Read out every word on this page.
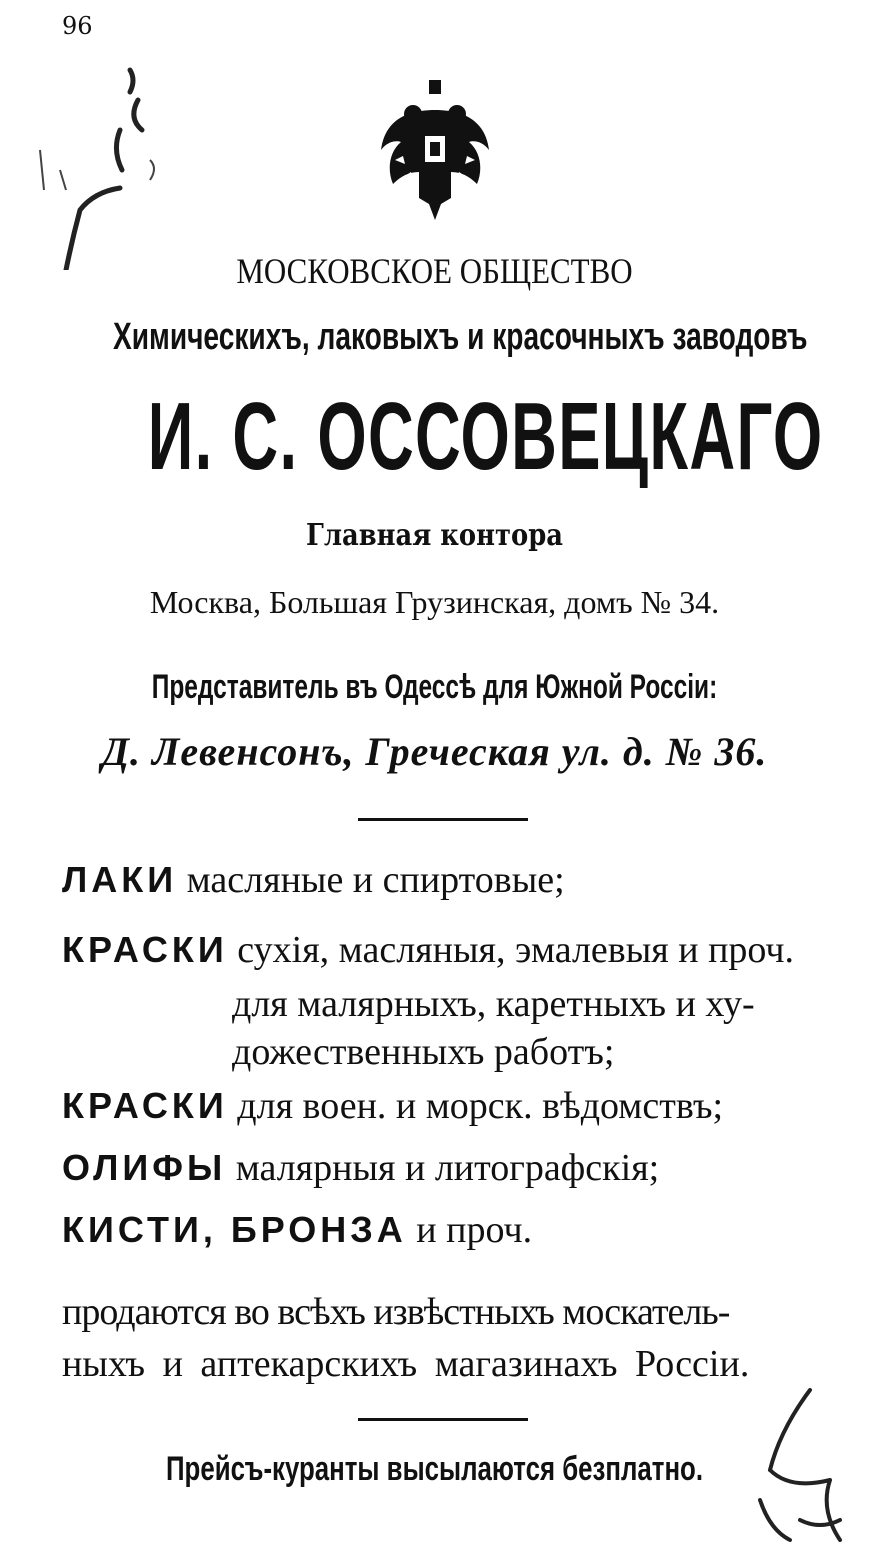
96
МОСКОВСКОЕ ОБЩЕСТВО
Химическихъ, лаковыхъ и красочныхъ заводовъ
И. С. ОССОВЕЦКАГО
Главная контора
Москва, Большая Грузинская, домъ № 34.
Представитель въ Одессѣ для Южной Россіи:
Д. Левенсонъ, Греческая ул. д. № 36.
ЛАКИ масляные и спиртовые;
КРАСКИ сухія, масляныя, эмалевыя и проч.
для малярныхъ, каретныхъ и ху-
дожественныхъ работъ;
КРАСКИ для воен. и морск. вѣдомствъ;
ОЛИФЫ малярныя и литографскія;
КИСТИ, БРОНЗА и проч.
продаются во всѣхъ извѣстныхъ москатель-
ныхъ и аптекарскихъ магазинахъ Россіи.
Прейсъ-куранты высылаются безплатно.
